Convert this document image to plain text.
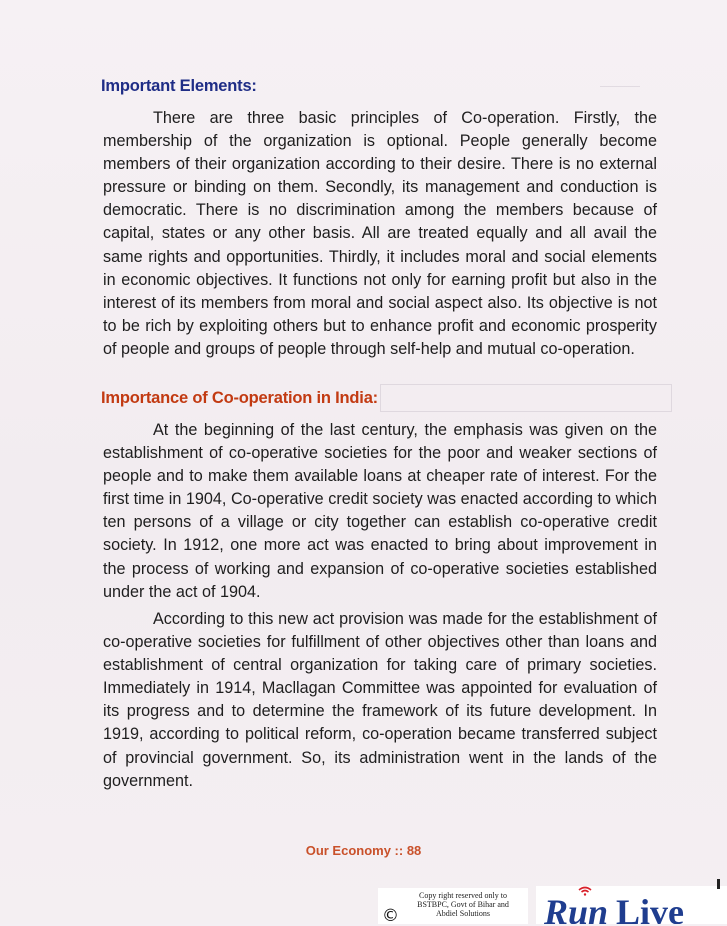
Important Elements:

There are three basic principles of Co-operation. Firstly, the membership of the organization is optional. People generally become members of their organization according to their desire. There is no external pressure or binding on them. Secondly, its management and conduction is democratic. There is no discrimination among the members because of capital, states or any other basis. All are treated equally and all avail the same rights and opportunities. Thirdly, it includes moral and social elements in economic objectives. It functions not only for earning profit but also in the interest of its members from moral and social aspect also. Its objective is not to be rich by exploiting others but to enhance profit and economic prosperity of people and groups of people through self-help and mutual co-operation.

Importance of Co-operation in India:

At the beginning of the last century, the emphasis was given on the establishment of co-operative societies for the poor and weaker sections of people and to make them available loans at cheaper rate of interest. For the first time in 1904, Co-operative credit society was enacted according to which ten persons of a village or city together can establish co-operative credit society. In 1912, one more act was enacted to bring about improvement in the process of working and expansion of co-operative societies established under the act of 1904.

According to this new act provision was made for the establishment of co-operative societies for fulfillment of other objectives other than loans and establishment of central organization for taking care of primary societies. Immediately in 1914, Macllagan Committee was appointed for evaluation of its progress and to determine the framework of its future development. In 1919, according to political reform, co-operation became transferred subject of provincial government. So, its administration went in the lands of the government.

Our Economy :: 88
©
Copy right reserved only to
BSTBPC, Govt of Bihar and
Abdiel Solutions	Run Live
